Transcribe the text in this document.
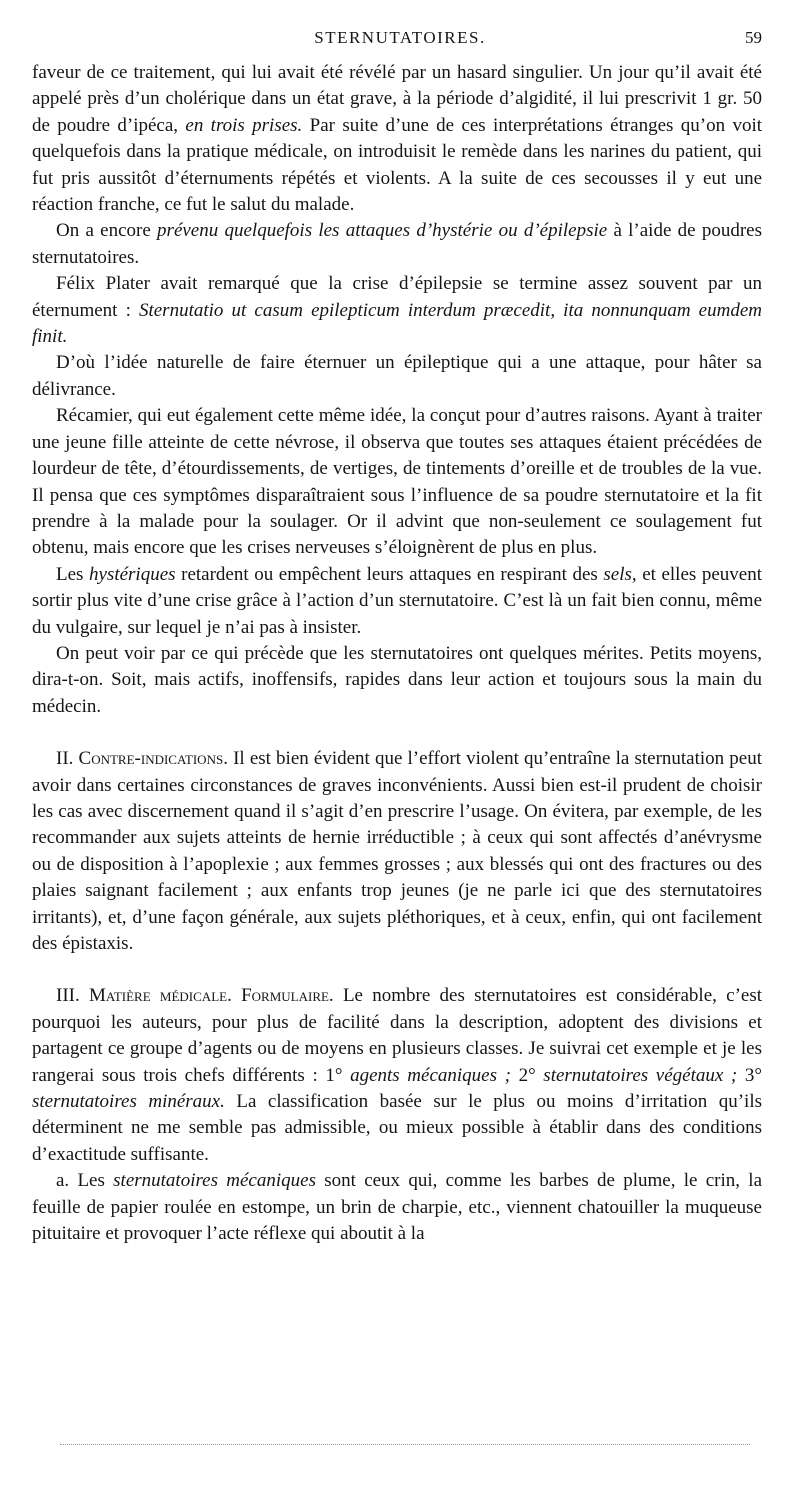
STERNUTATOIRES.	59

faveur de ce traitement, qui lui avait été révélé par un hasard singulier. Un jour qu’il avait été appelé près d’un cholérique dans un état grave, à la période d’algidité, il lui prescrivit 1 gr. 50 de poudre d’ipéca, en trois prises. Par suite d’une de ces interprétations étranges qu’on voit quelquefois dans la pratique médicale, on introduisit le remède dans les narines du patient, qui fut pris aussitôt d’éternuments répétés et violents. A la suite de ces secousses il y eut une réaction franche, ce fut le salut du malade.

On a encore prévenu quelquefois les attaques d’hystérie ou d’épilepsie à l’aide de poudres sternutatoires.

Félix Plater avait remarqué que la crise d’épilepsie se termine assez souvent par un éternument : Sternutatio ut casum epilepticum interdum præcedit, ita nonnunquam eumdem finit.

D’où l’idée naturelle de faire éternuer un épileptique qui a une attaque, pour hâter sa délivrance.

Récamier, qui eut également cette même idée, la conçut pour d’autres raisons. Ayant à traiter une jeune fille atteinte de cette névrose, il observa que toutes ses attaques étaient précédées de lourdeur de tête, d’étourdissements, de vertiges, de tintements d’oreille et de troubles de la vue. Il pensa que ces symptômes disparaîtraient sous l’influence de sa poudre sternutatoire et la fit prendre à la malade pour la soulager. Or il advint que non-seulement ce soulagement fut obtenu, mais encore que les crises nerveuses s’éloignèrent de plus en plus.

Les hystériques retardent ou empêchent leurs attaques en respirant des sels, et elles peuvent sortir plus vite d’une crise grâce à l’action d’un sternutatoire. C’est là un fait bien connu, même du vulgaire, sur lequel je n’ai pas à insister.

On peut voir par ce qui précède que les sternutatoires ont quelques mérites. Petits moyens, dira-t-on. Soit, mais actifs, inoffensifs, rapides dans leur action et toujours sous la main du médecin.

II. Contre-indications. Il est bien évident que l’effort violent qu’entraîne la sternutation peut avoir dans certaines circonstances de graves inconvénients. Aussi bien est-il prudent de choisir les cas avec discernement quand il s’agit d’en prescrire l’usage. On évitera, par exemple, de les recommander aux sujets atteints de hernie irréductible ; à ceux qui sont affectés d’anévrysme ou de disposition à l’apoplexie ; aux femmes grosses ; aux blessés qui ont des fractures ou des plaies saignant facilement ; aux enfants trop jeunes (je ne parle ici que des sternutatoires irritants), et, d’une façon générale, aux sujets pléthoriques, et à ceux, enfin, qui ont facilement des épistaxis.

III. Matière médicale. Formulaire. Le nombre des sternutatoires est considérable, c’est pourquoi les auteurs, pour plus de facilité dans la description, adoptent des divisions et partagent ce groupe d’agents ou de moyens en plusieurs classes. Je suivrai cet exemple et je les rangerai sous trois chefs différents : 1° agents mécaniques ; 2° sternutatoires végétaux ; 3° sternutatoires minéraux. La classification basée sur le plus ou moins d’irritation qu’ils déterminent ne me semble pas admissible, ou mieux possible à établir dans des conditions d’exactitude suffisante.

a. Les sternutatoires mécaniques sont ceux qui, comme les barbes de plume, le crin, la feuille de papier roulée en estompe, un brin de charpie, etc., viennent chatouiller la muqueuse pituitaire et provoquer l’acte réflexe qui aboutit à la
